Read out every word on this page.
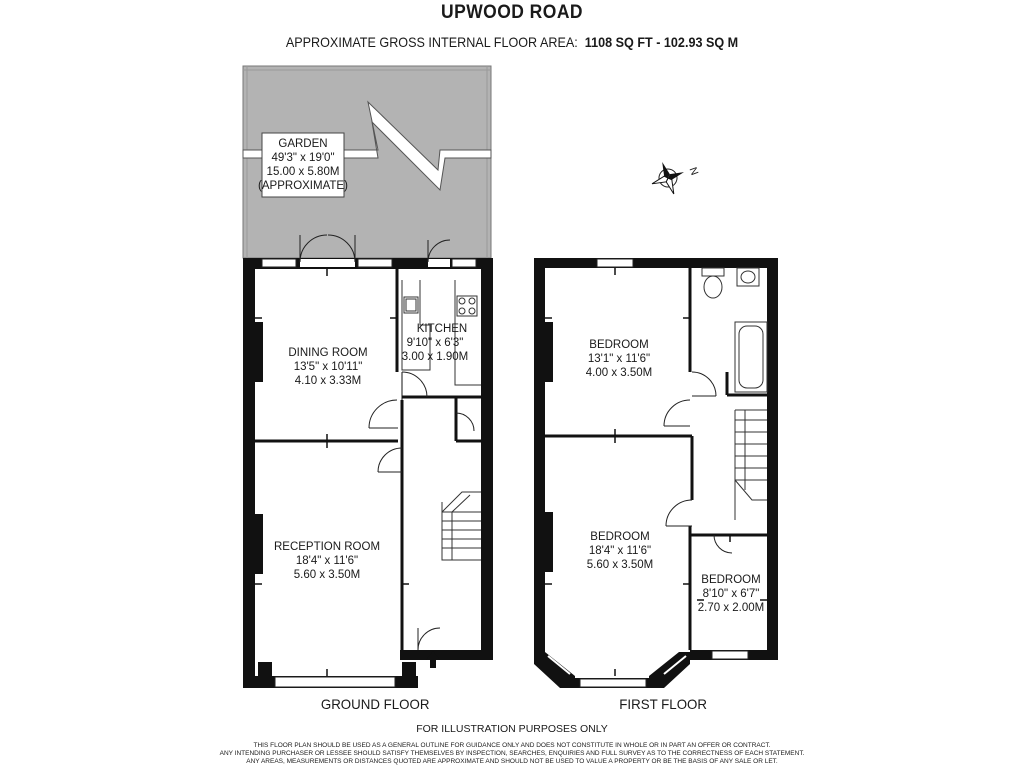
UPWOOD ROAD
APPROXIMATE GROSS INTERNAL FLOOR AREA: 1108 SQ FT - 102.93 SQ M
GARDEN
49'3" x 19'0"
15.00 x 5.80M
(APPROXIMATE)
DINING ROOM
13'5" x 10'11"
4.10 x 3.33M
KITCHEN
9'10" x 6'3"
3.00 x 1.90M
RECEPTION ROOM
18'4" x 11'6"
5.60 x 3.50M
N
BEDROOM
13'1" x 11'6"
4.00 x 3.50M
BEDROOM
18'4" x 11'6"
5.60 x 3.50M
BEDROOM
8'10" x 6'7"
2.70 x 2.00M
GROUND FLOOR	FIRST FLOOR
FOR ILLUSTRATION PURPOSES ONLY
THIS FLOOR PLAN SHOULD BE USED AS A GENERAL OUTLINE FOR GUIDANCE ONLY AND DOES NOT CONSTITUTE IN WHOLE OR IN PART AN OFFER OR CONTRACT.
ANY INTENDING PURCHASER OR LESSEE SHOULD SATISFY THEMSELVES BY INSPECTION, SEARCHES, ENQUIRIES AND FULL SURVEY AS TO THE CORRECTNESS OF EACH STATEMENT.
ANY AREAS, MEASUREMENTS OR DISTANCES QUOTED ARE APPROXIMATE AND SHOULD NOT BE USED TO VALUE A PROPERTY OR BE THE BASIS OF ANY SALE OR LET.
